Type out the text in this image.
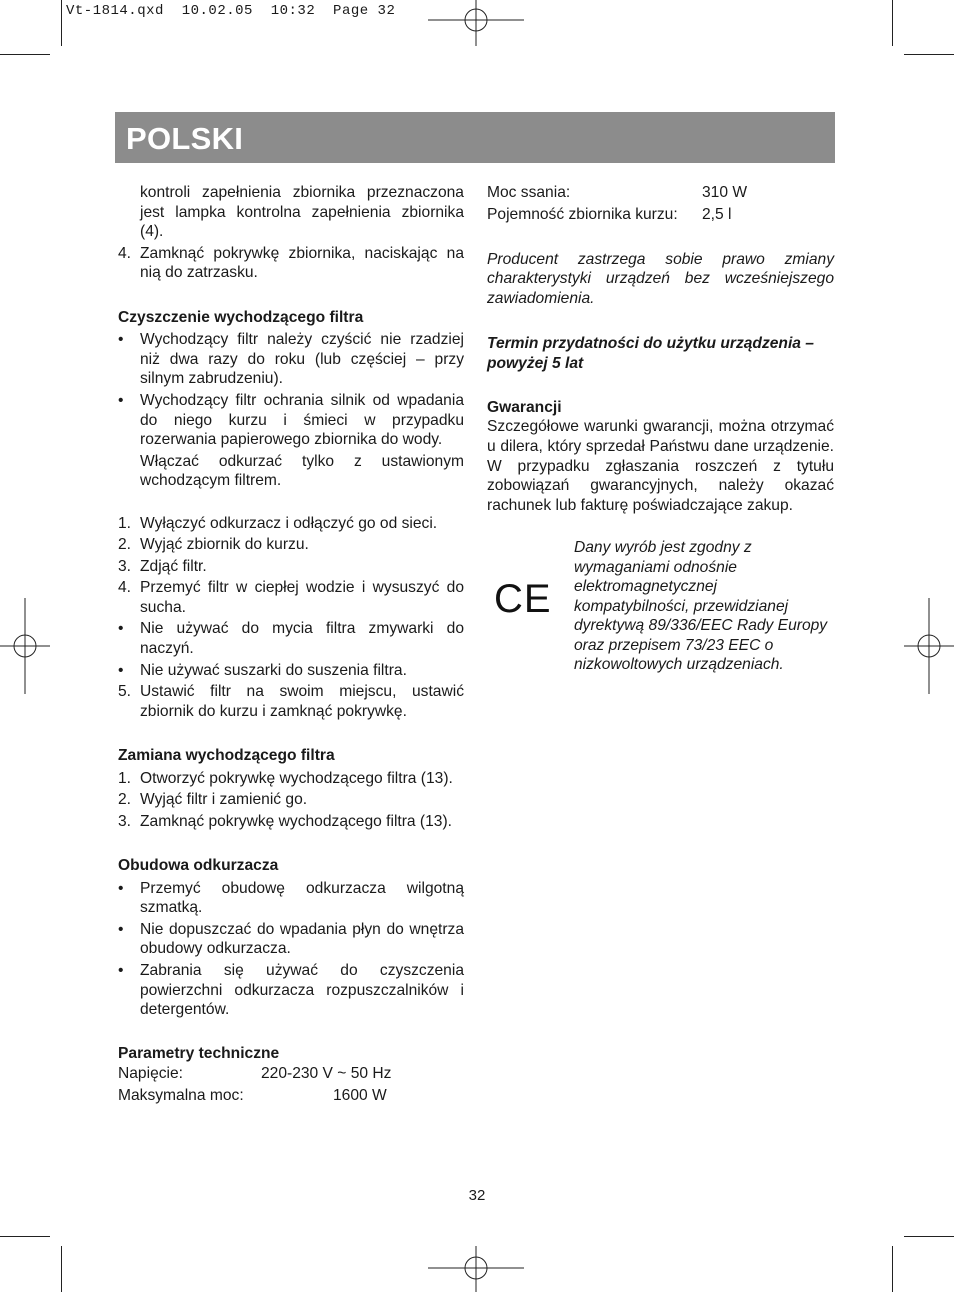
Vt-1814.qxd  10.02.05  10:32  Page 32
POLSKI
kontroli zapełnienia zbiornika przeznaczona jest lampka kontrolna zapełnienia zbiornika (4).
4. Zamknąć pokrywkę zbiornika, naciskając na nią do zatrzasku.
Czyszczenie wychodzącego filtra
• Wychodzący filtr należy czyścić nie rzadziej niż dwa razy do roku (lub częściej – przy silnym zabrudzeniu).
• Wychodzący filtr ochrania silnik od wpadania do niego kurzu i śmieci w przypadku rozerwania papierowego zbiornika do wody.
Włączać odkurzać tylko z ustawionym wchodzącym filtrem.
1. Wyłączyć odkurzacz i odłączyć go od sieci.
2. Wyjąć zbiornik do kurzu.
3. Zdjąć filtr.
4. Przemyć filtr w ciepłej wodzie i wysuszyć do sucha.
• Nie używać do mycia filtra zmywarki do naczyń.
• Nie używać suszarki do suszenia filtra.
5. Ustawić filtr na swoim miejscu, ustawić zbiornik do kurzu i zamknąć pokrywkę.
Zamiana wychodzącego filtra
1. Otworzyć pokrywkę wychodzącego filtra (13).
2. Wyjąć filtr i zamienić go.
3. Zamknąć pokrywkę wychodzącego filtra (13).
Obudowa odkurzacza
• Przemyć obudowę odkurzacza wilgotną szmatką.
• Nie dopuszczać do wpadania płyn do wnętrza obudowy odkurzacza.
• Zabrania się używać do czyszczenia powierzchni odkurzacza rozpuszczalników i detergentów.
Parametry techniczne
Napięcie:	220-230 V ~ 50 Hz
Maksymalna moc:	1600 W
Moc ssania:	310 W
Pojemność zbiornika kurzu: 2,5 l
Producent zastrzega sobie prawo zmiany charakterystyki urządzeń bez wcześniejszego zawiadomienia.
Termin przydatności do użytku urządzenia – powyżej 5 lat
Gwarancji
Szczegółowe warunki gwarancji, można otrzymać u dilera, który sprzedał Państwu dane urządzenie. W przypadku zgłaszania roszczeń z tytułu zobowiązań gwarancyjnych, należy okazać rachunek lub fakturę poświadczające zakup.
CE
Dany wyrób jest zgodny z wymaganiami odnośnie elektromagnetycznej kompatybilności, przewidzianej dyrektywą 89/336/EEC Rady Europy oraz przepisem 73/23 EEC o nizkowoltowych urządzeniach.
32
